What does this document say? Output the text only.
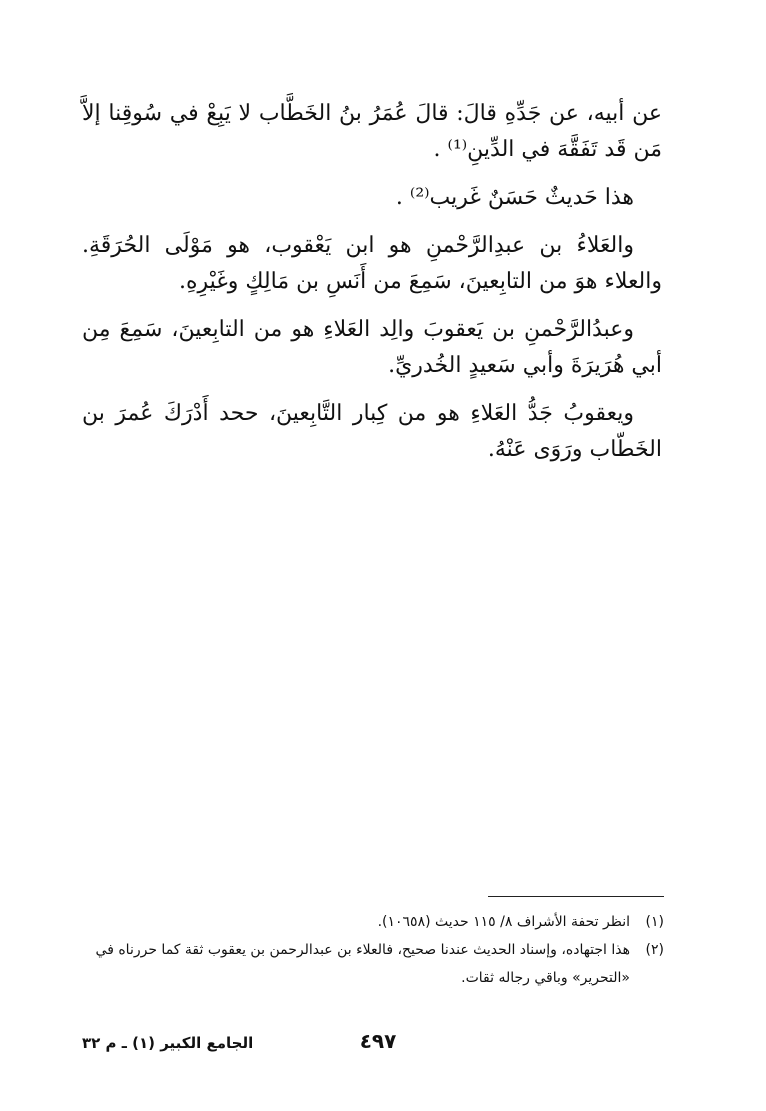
عن أبيه، عن جَدِّهِ قالَ: قالَ عُمَرُ بنُ الخَطَّاب لا يَبِعْ في سُوقِنا إلاَّ مَن قَد تَفَقَّهَ في الدِّينِ⁽¹⁾ .

هذا حَديثٌ حَسَنٌ غَريب⁽²⁾ .

والعَلاءُ بن عبدِالرَّحْمنِ هو ابن يَعْقوب، هو مَوْلَى الحُرَقَةِ. والعلاء هوَ من التابِعينَ، سَمِعَ من أَنَسِ بن مَالِكٍ وغَيْرِهِ.

وعبدُالرَّحْمنِ بن يَعقوبَ والِد العَلاءِ هو من التابِعينَ، سَمِعَ مِن أبي هُرَيرَةَ وأبي سَعيدٍ الخُدريِّ.

ويعقوبُ جَدُّ العَلاءِ هو من كِبار التَّابِعينَ، ححد أَدْرَكَ عُمرَ بن الخَطّاب ورَوَى عَنْهُ.

(١)
انظر تحفة الأشراف ٨/ ١١٥ حديث (١٠٦٥٨).
(٢)
هذا اجتهاده، وإسناد الحديث عندنا صحيح، فالعلاء بن عبدالرحمن بن يعقوب ثقة كما حررناه في «التحرير» وباقي رجاله ثقات.
٤٩٧
الجامع الكبير (١) ـ م ٣٢
